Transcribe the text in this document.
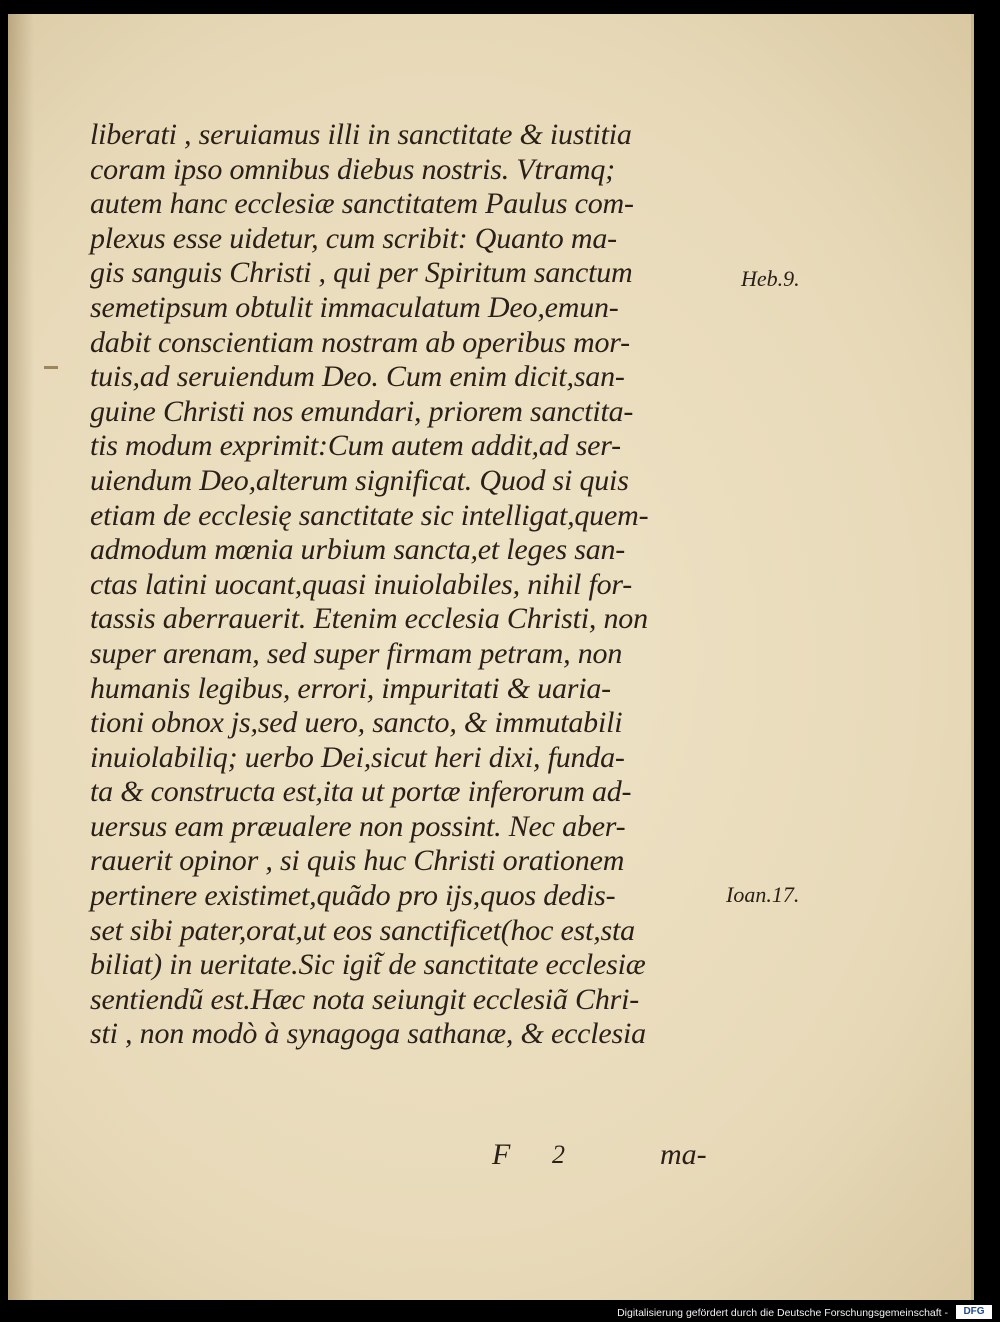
liberati , seruiamus illi in sanctitate & iustitia
coram ipso omnibus diebus nostris. Vtramq;
autem hanc ecclesiæ sanctitatem Paulus com-
plexus esse uidetur, cum scribit: Quanto ma-
gis sanguis Christi , qui per Spiritum sanctum
semetipsum obtulit immaculatum Deo,emun-
dabit conscientiam nostram ab operibus mor-
tuis,ad seruiendum Deo. Cum enim dicit,san-
guine Christi nos emundari, priorem sanctita-
tis modum exprimit:Cum autem addit,ad ser-
uiendum Deo,alterum significat. Quod si quis
etiam de ecclesię sanctitate sic intelligat,quem-
admodum mœnia urbium sancta,et leges san-
ctas latini uocant,quasi inuiolabiles, nihil for-
tassis aberrauerit. Etenim ecclesia Christi, non
super arenam, sed super firmam petram, non
humanis legibus, errori, impuritati & uaria-
tioni obnox js,sed uero, sancto, & immutabili
inuiolabiliq; uerbo Dei,sicut heri dixi, funda-
ta & constructa est,ita ut portæ inferorum ad-
uersus eam præualere non possint. Nec aber-
rauerit opinor , si quis huc Christi orationem
pertinere existimet,quãdo pro ijs,quos dedis-
set sibi pater,orat,ut eos sanctificet(hoc est,sta
biliat) in ueritate.Sic igit̃ de sanctitate ecclesiæ
sentiendũ est.Hæc nota seiungit ecclesiã Chri-
sti , non modò à synagoga sathanæ, & ecclesia
Heb.9.
Ioan.17.
F 2	ma-
Digitalisierung gefördert durch die Deutsche Forschungsgemeinschaft -	DFG
